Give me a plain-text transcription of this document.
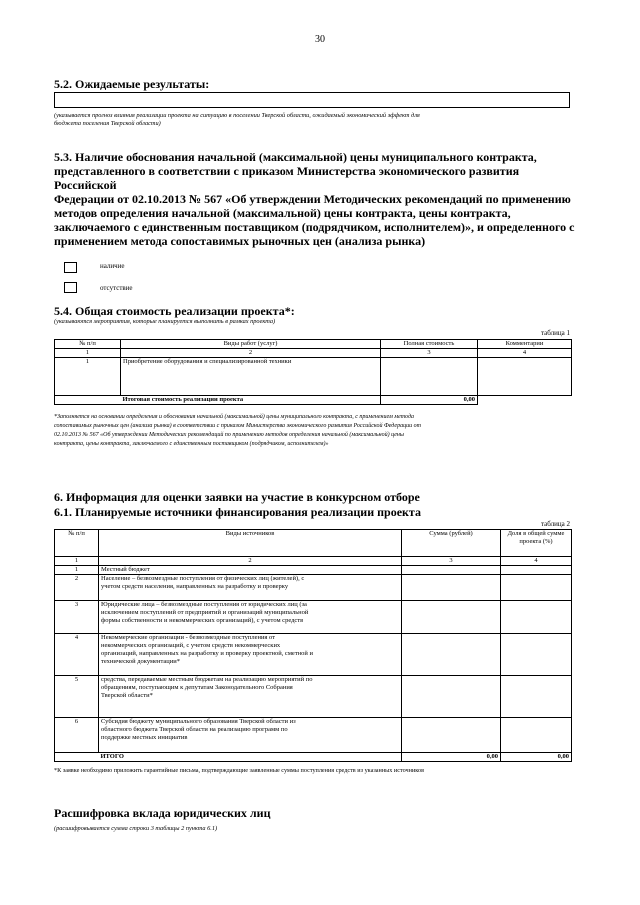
30
5.2. Ожидаемые результаты:
(указывается прогноз влияния реализации проекта на ситуацию в поселении Тверской области, ожидаемый экономический эффект для
бюджета поселения Тверской области)
5.3. Наличие обоснования начальной (максимальной) цены муниципального контракта,
представленного в соответствии с приказом Министерства экономического развития Российской
Федерации от 02.10.2013 № 567 «Об утверждении Методических рекомендаций по применению
методов определения начальной (максимальной) цены контракта, цены контракта,
заключаемого с единственным поставщиком (подрядчиком, исполнителем)», и определенного с
применением метода сопоставимых рыночных цен (анализа рынка)
наличие
отсутствие
5.4. Общая стоимость реализации проекта*:
(указываются мероприятия, которые планируется выполнить в рамках проекта)
таблица 1
№ п/п	Виды работ (услуг)	Полная стоимость	Комментарии
1	2	3	4
1	Приобретение оборудования и специализированной техники		
	Итоговая стоимость реализации проекта	0,00	
*Заполняется на основании определения и обоснования начальной (максимальной) цены муниципального контракта, с применением метода
сопоставимых рыночных цен (анализа рынка) в соответствии с приказом Министерства экономического развития Российской Федерации от
02.10.2013 № 567 «Об утверждении Методических рекомендаций по применению методов определения начальной (максимальной) цены
контракта, цены контракта, заключаемого с единственным поставщиком (подрядчиком, исполнителем)»
6. Информация для оценки заявки на участие в конкурсном отборе
6.1. Планируемые источники финансирования реализации проекта
таблица 2
№ п/п	Виды источников	Сумма (рублей)	Доля в общей сумме проекта (%)
1	2	3	4
1	Местный бюджет		

2	Население – безвозмездные поступления от физических лиц (жителей), с
учетом средств населения, направленных на разработку и проверку		

3	Юридические лица – безвозмездные поступления от юридических лиц (за
исключением поступлений от предприятий и организаций муниципальной
формы собственности и некоммерческих организаций), с учетом средств		

4	Некоммерческие организации - безвозмездные поступления от
некоммерческих организаций, с учетом средств некоммерческих
организаций, направленных на разработку и проверку проектной, сметной и
технической документации*		

5	средства, передаваемые местным бюджетам на реализацию мероприятий по
обращениям, поступающим к депутатам Законодательного Собрания
Тверской области*		

6	Субсидия бюджету муниципального образования Тверской области из
областного бюджета Тверской области на реализацию программ по
поддержке местных инициатив		

	ИТОГО	0,00	0,00
*К заявке необходимо приложить гарантийные письма, подтверждающие заявленные суммы поступления средств из указанных источников
Расшифровка вклада юридических лиц
(расшифровывается сумма строки 3 таблицы 2 пункта 6.1)
